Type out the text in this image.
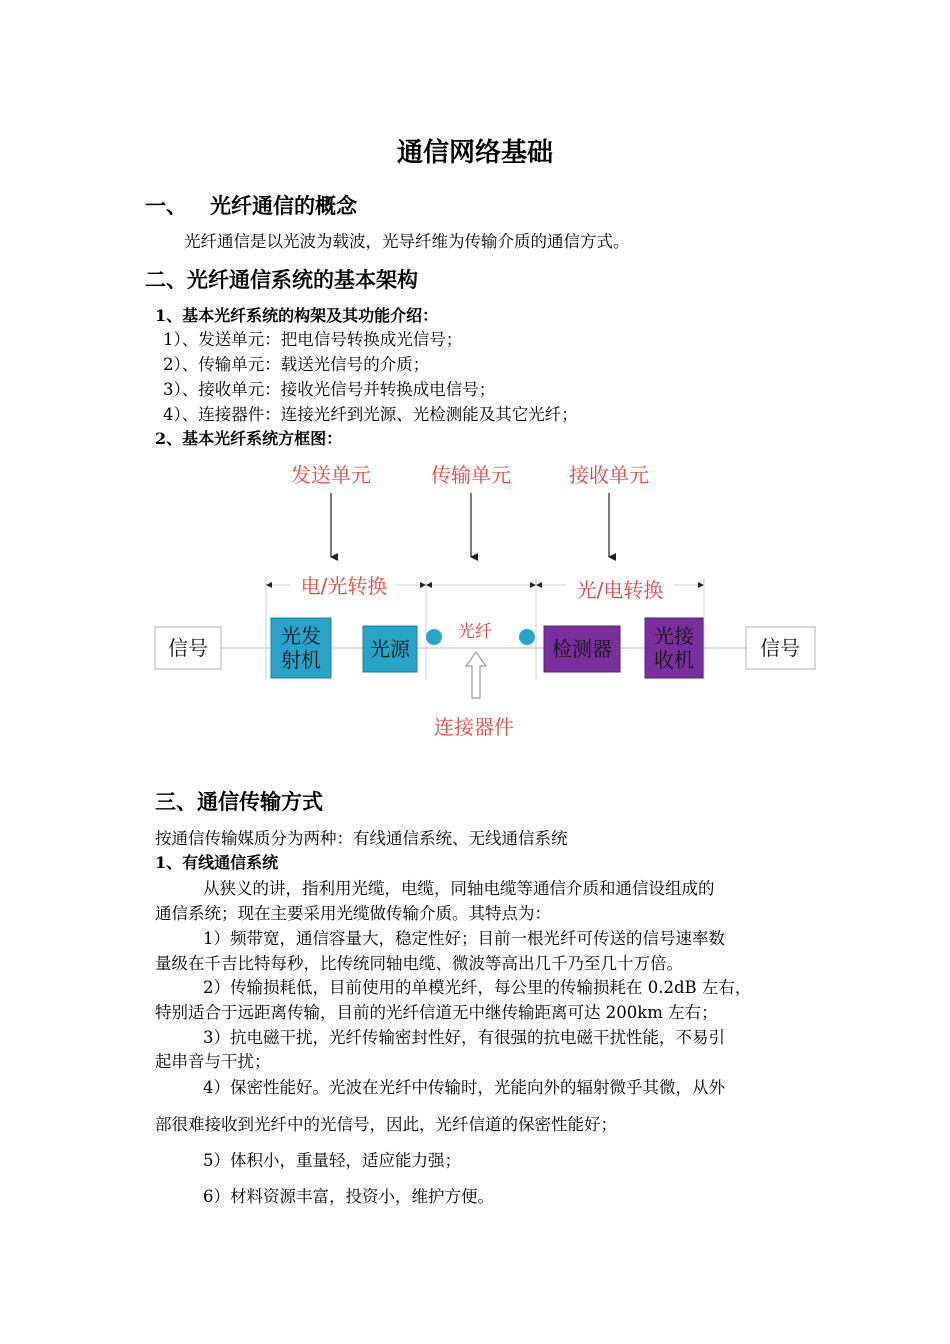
通信网络基础
一、 光纤通信的概念
光纤通信是以光波为载波，光导纤维为传输介质的通信方式。
二、光纤通信系统的基本架构
1、基本光纤系统的构架及其功能介绍：
1）、发送单元：把电信号转换成光信号；
2）、传输单元：载送光信号的介质；
3）、接收单元：接收光信号并转换成电信号；
4）、连接器件：连接光纤到光源、光检测能及其它光纤；
2、基本光纤系统方框图：
发送单元	传输单元	接收单元
电/光转换	光/电转换
信号	信号
光发
射机 光源
光纤
连接器件
检测器
光接
收机
三、通信传输方式
按通信传输媒质分为两种：有线通信系统、无线通信系统
1、有线通信系统
从狭义的讲，指利用光缆，电缆，同轴电缆等通信介质和通信设组成的
通信系统；现在主要采用光缆做传输介质。其特点为：
1）频带宽，通信容量大，稳定性好；目前一根光纤可传送的信号速率数
量级在千吉比特每秒，比传统同轴电缆、微波等高出几千乃至几十万倍。
2）传输损耗低，目前使用的单模光纤，每公里的传输损耗在 0.2dB 左右，
特别适合于远距离传输，目前的光纤信道无中继传输距离可达 200km 左右；
3）抗电磁干扰，光纤传输密封性好，有很强的抗电磁干扰性能，不易引
起串音与干扰；
4）保密性能好。光波在光纤中传输时，光能向外的辐射微乎其微，从外
部很难接收到光纤中的光信号，因此，光纤信道的保密性能好；
5）体积小，重量轻，适应能力强；
6）材料资源丰富，投资小，维护方便。
